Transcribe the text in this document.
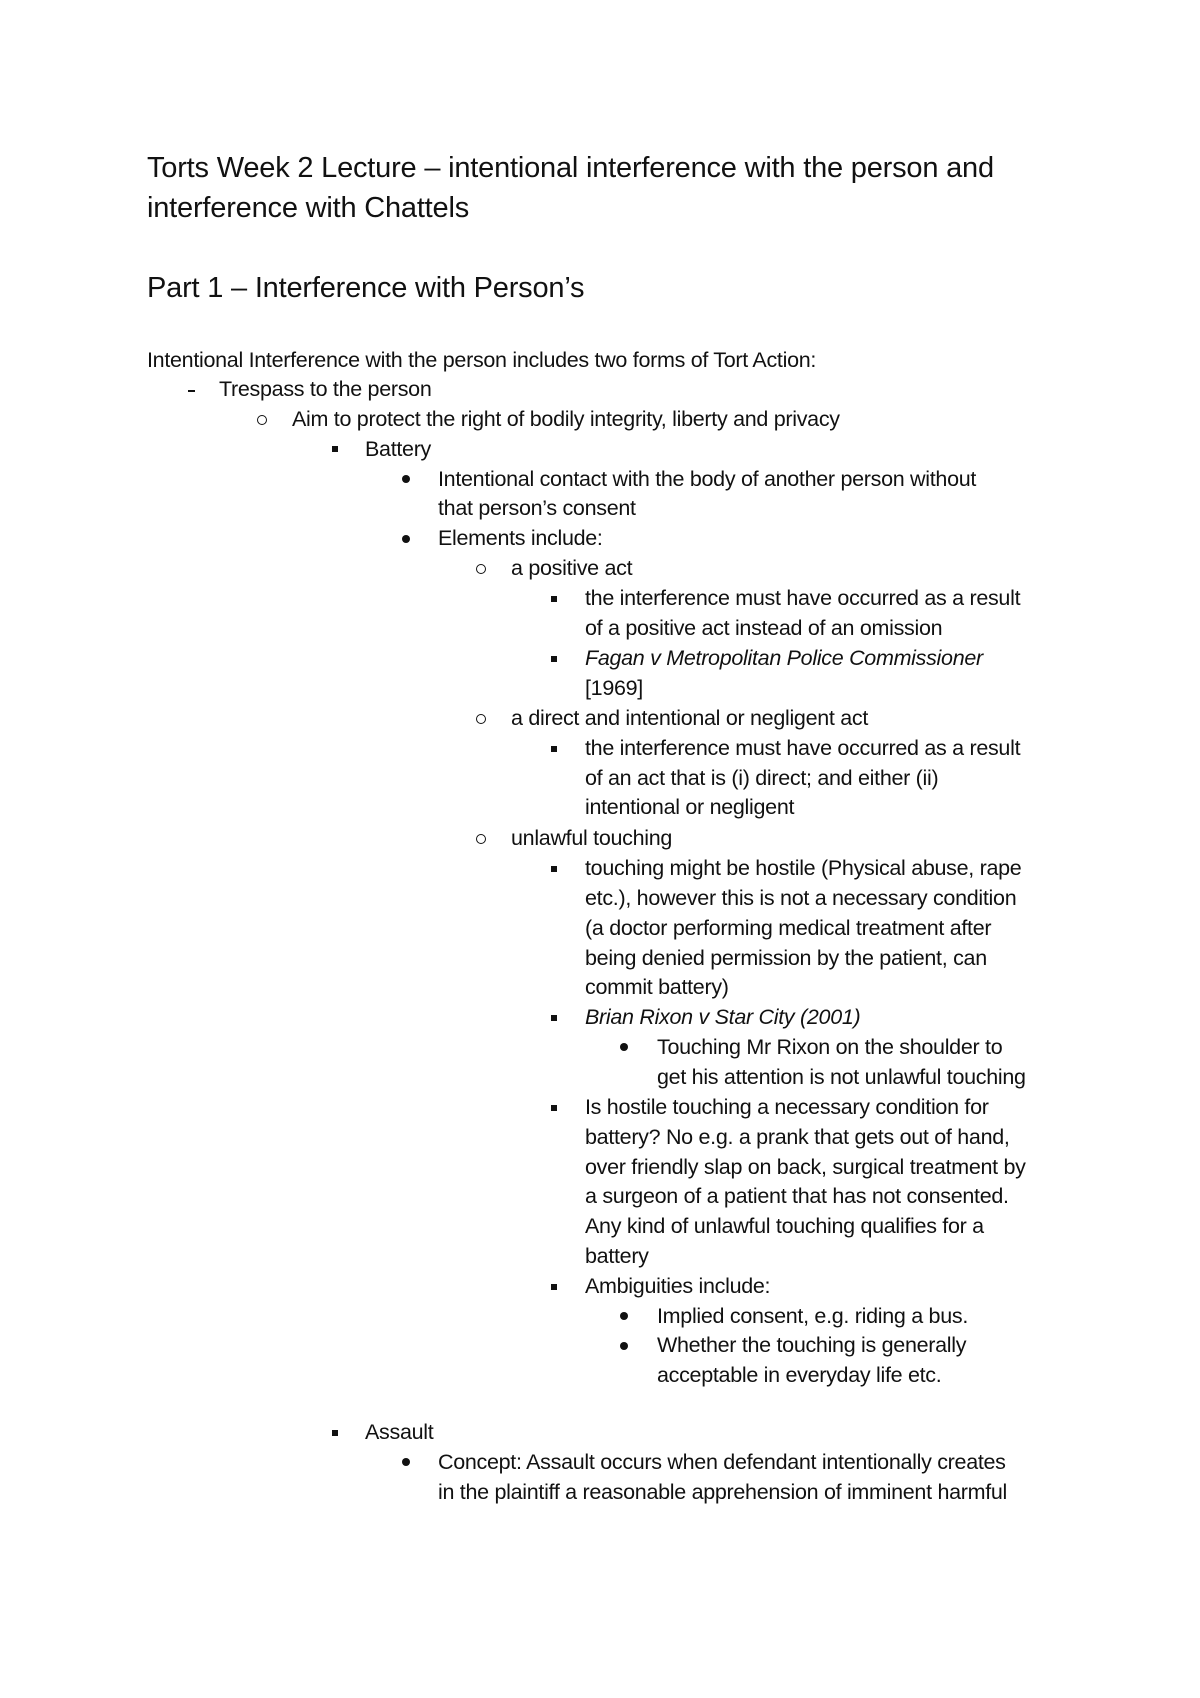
Torts Week 2 Lecture – intentional interference with the person and interference with Chattels
Part 1 – Interference with Person’s
Intentional Interference with the person includes two forms of Tort Action:
Trespass to the person
Aim to protect the right of bodily integrity, liberty and privacy
Battery
Intentional contact with the body of another person without
that person’s consent
Elements include:
a positive act
the interference must have occurred as a result
of a positive act instead of an omission
Fagan v Metropolitan Police Commissioner
[1969]
a direct and intentional or negligent act
the interference must have occurred as a result
of an act that is (i) direct; and either (ii)
intentional or negligent
unlawful touching
touching might be hostile (Physical abuse, rape
etc.), however this is not a necessary condition
(a doctor performing medical treatment after
being denied permission by the patient, can
commit battery)
Brian Rixon v Star City (2001)
Touching Mr Rixon on the shoulder to
get his attention is not unlawful touching
Is hostile touching a necessary condition for
battery? No e.g. a prank that gets out of hand,
over friendly slap on back, surgical treatment by
a surgeon of a patient that has not consented.
Any kind of unlawful touching qualifies for a
battery
Ambiguities include:
Implied consent, e.g. riding a bus.
Whether the touching is generally
acceptable in everyday life etc.
Assault
Concept: Assault occurs when defendant intentionally creates
in the plaintiff a reasonable apprehension of imminent harmful
